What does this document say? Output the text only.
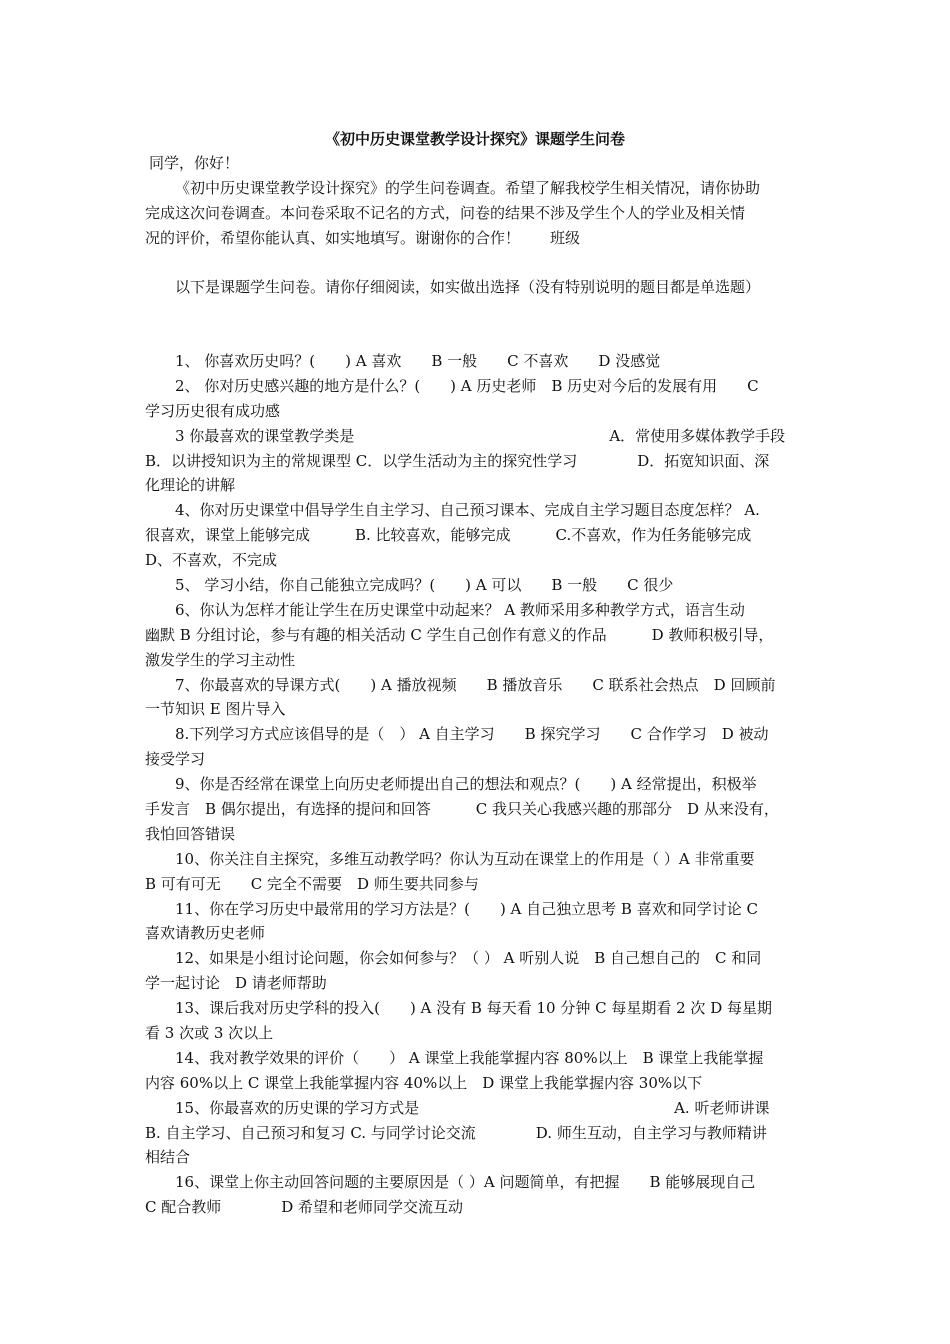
《初中历史课堂教学设计探究》课题学生问卷
同学，你好！
《初中历史课堂教学设计探究》的学生问卷调查。希望了解我校学生相关情况，请你协助
完成这次问卷调查。本问卷采取不记名的方式，问卷的结果不涉及学生个人的学业及相关情
况的评价，希望你能认真、如实地填写。谢谢你的合作！　　班级
以下是课题学生问卷。请你仔细阅读，如实做出选择（没有特别说明的题目都是单选题）
1、 你喜欢历史吗？(　　) A 喜欢　　B 一般　　C 不喜欢　　D 没感觉
2、 你对历史感兴趣的地方是什么？(　　) A 历史老师　B 历史对今后的发展有用　　C
学习历史很有成功感
3 你最喜欢的课堂教学类是　　　　　　　　　　　　　　　　　A．常使用多媒体教学手段
B．以讲授知识为主的常规课型 C．以学生活动为主的探究性学习　　　　D．拓宽知识面、深
化理论的讲解
4、你对历史课堂中倡导学生自主学习、自己预习课本、完成自主学习题目态度怎样？ A.
很喜欢，课堂上能够完成　　　B. 比较喜欢，能够完成　　　C.不喜欢，作为任务能够完成
D、不喜欢，不完成
5、 学习小结，你自己能独立完成吗？(　　) A 可以　　B 一般　　C 很少
6、你认为怎样才能让学生在历史课堂中动起来？ A 教师采用多种教学方式，语言生动
幽默 B 分组讨论，参与有趣的相关活动 C 学生自己创作有意义的作品　　　D 教师积极引导，
激发学生的学习主动性
7、你最喜欢的导课方式(　　) A 播放视频　　B 播放音乐　　C 联系社会热点　D 回顾前
一节知识 E 图片导入
8.下列学习方式应该倡导的是（　） A 自主学习　　B 探究学习　　C 合作学习　D 被动
接受学习
9、你是否经常在课堂上向历史老师提出自己的想法和观点？(　　) A 经常提出，积极举
手发言　B 偶尔提出，有选择的提问和回答　　　C 我只关心我感兴趣的那部分　D 从来没有，
我怕回答错误
10、你关注自主探究，多维互动教学吗？你认为互动在课堂上的作用是（ ）A 非常重要
B 可有可无　　C 完全不需要　D 师生要共同参与
11、你在学习历史中最常用的学习方法是？(　　) A 自己独立思考 B 喜欢和同学讨论 C
喜欢请教历史老师
12、如果是小组讨论问题，你会如何参与？（ ） A 听别人说　B 自己想自己的　C 和同
学一起讨论　D 请老师帮助
13、课后我对历史学科的投入(　　) A 没有 B 每天看 10 分钟 C 每星期看 2 次 D 每星期
看 3 次或 3 次以上
14、我对教学效果的评价（　　） A 课堂上我能掌握内容 80%以上　B 课堂上我能掌握
内容 60%以上 C 课堂上我能掌握内容 40%以上　D 课堂上我能掌握内容 30%以下
15、你最喜欢的历史课的学习方式是　　　　　　　　　　　　　　　　　A. 听老师讲课
B. 自主学习、自己预习和复习 C. 与同学讨论交流　　　　D. 师生互动，自主学习与教师精讲
相结合
16、课堂上你主动回答问题的主要原因是（ ）A 问题简单，有把握　　B 能够展现自己
C 配合教师　　　　D 希望和老师同学交流互动
